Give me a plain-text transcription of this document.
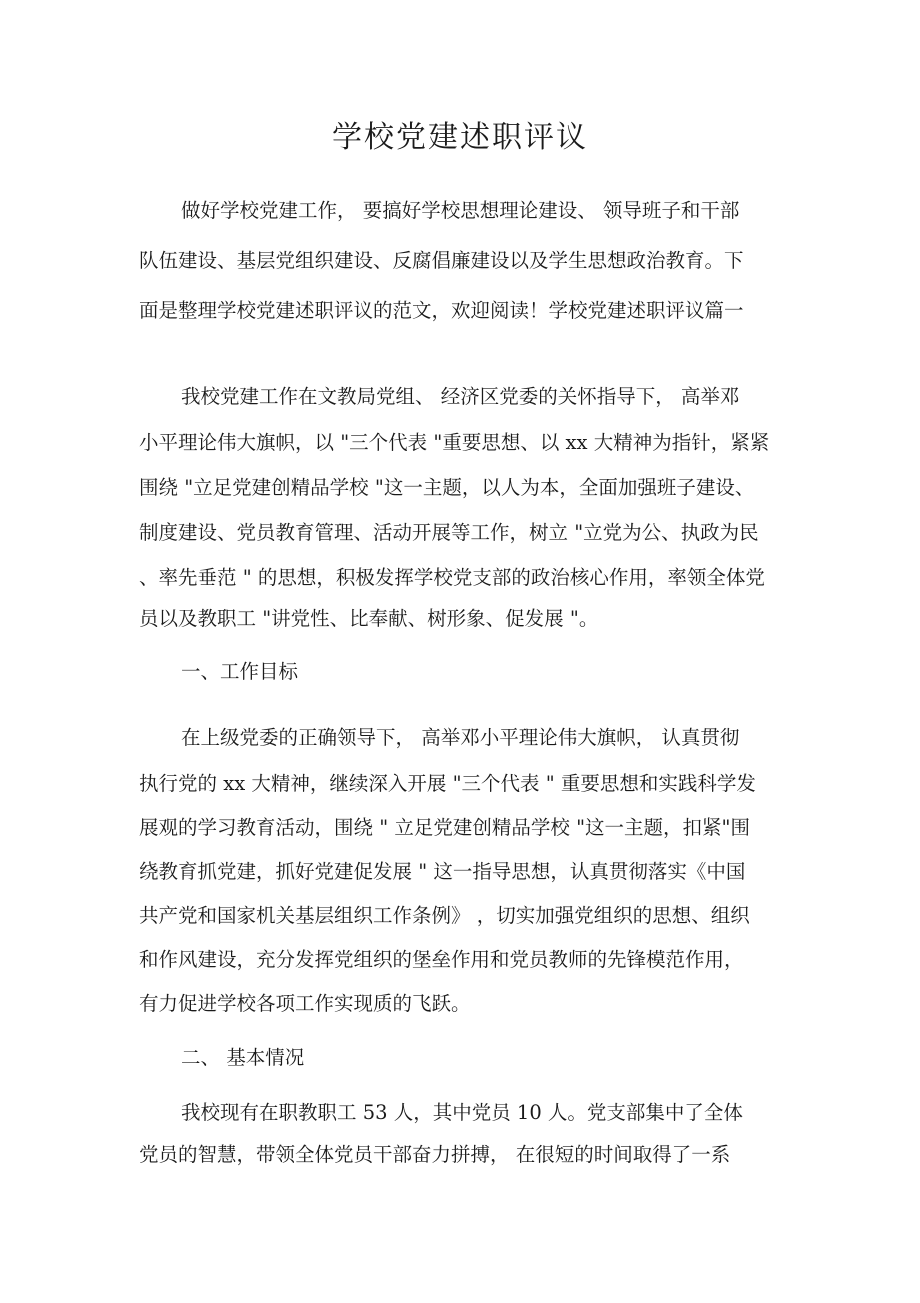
学校党建述职评议

做好学校党建工作， 要搞好学校思想理论建设、 领导班子和干部

队伍建设、基层党组织建设、反腐倡廉建设以及学生思想政治教育。下

面是整理学校党建述职评议的范文，欢迎阅读！学校党建述职评议篇一

我校党建工作在文教局党组、 经济区党委的关怀指导下， 高举邓

小平理论伟大旗帜，以 "三个代表 "重要思想、以 xx 大精神为指针，紧紧

围绕 "立足党建创精品学校 "这一主题，以人为本，全面加强班子建设、

制度建设、党员教育管理、活动开展等工作，树立 "立党为公、执政为民

、率先垂范 " 的思想，积极发挥学校党支部的政治核心作用，率领全体党

员以及教职工 "讲党性、比奉献、树形象、促发展 "。

一、工作目标

在上级党委的正确领导下， 高举邓小平理论伟大旗帜， 认真贯彻

执行党的 xx 大精神，继续深入开展 "三个代表 " 重要思想和实践科学发

展观的学习教育活动，围绕 " 立足党建创精品学校 "这一主题，扣紧"围

绕教育抓党建，抓好党建促发展 " 这一指导思想，认真贯彻落实《中国

共产党和国家机关基层组织工作条例》 ，切实加强党组织的思想、组织

和作风建设，充分发挥党组织的堡垒作用和党员教师的先锋模范作用，

有力促进学校各项工作实现质的飞跃。

二、 基本情况

我校现有在职教职工 53 人，其中党员 10 人。党支部集中了全体

党员的智慧，带领全体党员干部奋力拼搏， 在很短的时间取得了一系
